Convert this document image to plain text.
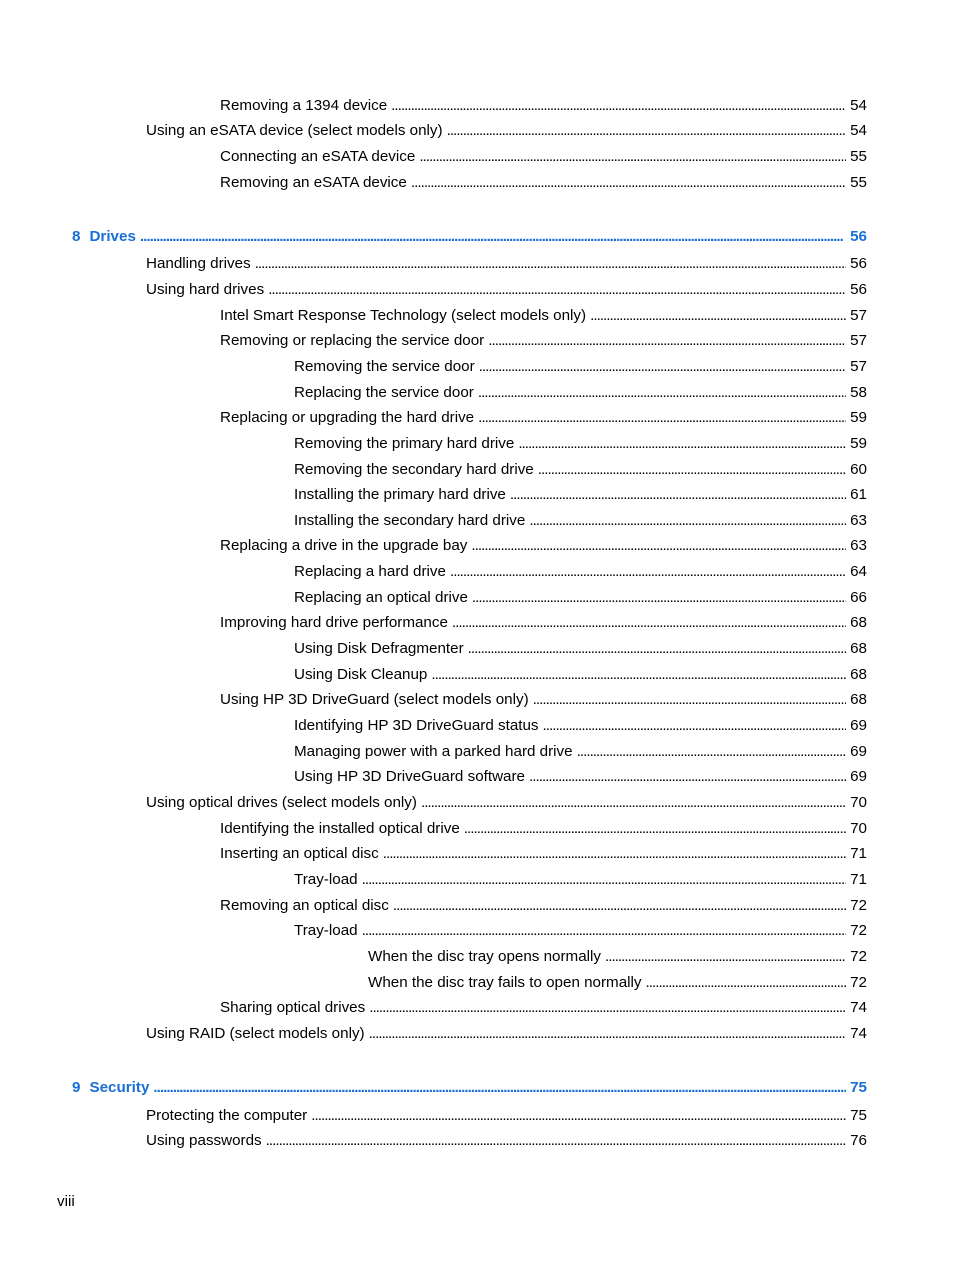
Removing a 1394 device . . .	54
Using an eSATA device (select models only) . . .	54
Connecting an eSATA device . . .	55
Removing an eSATA device . . .	55
8 Drives . . .	56
Handling drives . . .	56
Using hard drives . . .	56
Intel Smart Response Technology (select models only) . . .	57
Removing or replacing the service door . . .	57
Removing the service door . . .	57
Replacing the service door . . .	58
Replacing or upgrading the hard drive . . .	59
Removing the primary hard drive . . .	59
Removing the secondary hard drive . . .	60
Installing the primary hard drive . . .	61
Installing the secondary hard drive . . .	63
Replacing a drive in the upgrade bay . . .	63
Replacing a hard drive . . .	64
Replacing an optical drive . . .	66
Improving hard drive performance . . .	68
Using Disk Defragmenter . . .	68
Using Disk Cleanup . . .	68
Using HP 3D DriveGuard (select models only) . . .	68
Identifying HP 3D DriveGuard status . . .	69
Managing power with a parked hard drive . . .	69
Using HP 3D DriveGuard software . . .	69
Using optical drives (select models only) . . .	70
Identifying the installed optical drive . . .	70
Inserting an optical disc . . .	71
Tray-load . . .	71
Removing an optical disc . . .	72
Tray-load . . .	72
When the disc tray opens normally . . .	72
When the disc tray fails to open normally . . .	72
Sharing optical drives . . .	74
Using RAID (select models only) . . .	74
9 Security . . .	75
Protecting the computer . . .	75
Using passwords . . .	76
viii
